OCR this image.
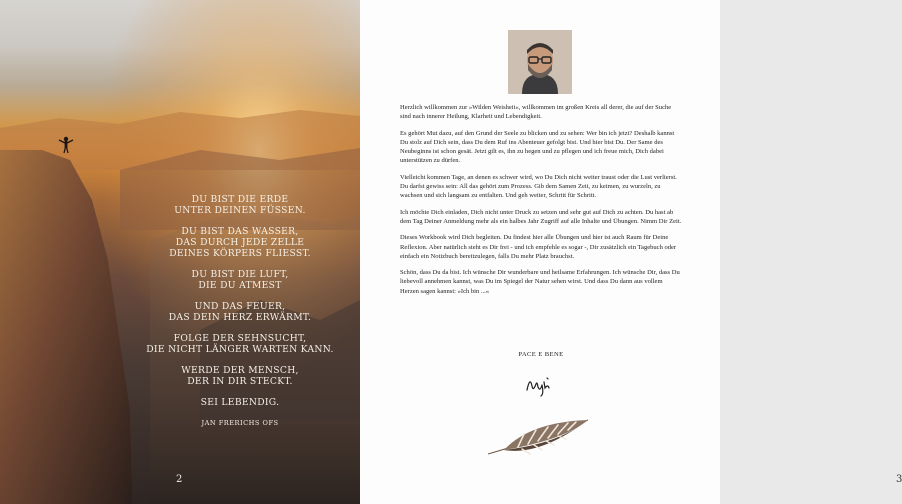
DU BIST DIE ERDE
UNTER DEINEN FÜSSEN.

DU BIST DAS WASSER,
DAS DURCH JEDE ZELLE
DEINES KÖRPERS FLIESST.

DU BIST DIE LUFT,
DIE DU ATMEST

UND DAS FEUER,
DAS DEIN HERZ ERWÄRMT.

FOLGE DER SEHNSUCHT,
DIE NICHT LÄNGER WARTEN KANN.

WERDE DER MENSCH,
DER IN DIR STECKT.

SEI LEBENDIG.

JAN FRERICHS OFS

2

Herzlich willkommen zur »Wilden Weisheit«, willkommen im großen Kreis all derer, die auf der Suche sind nach innerer Heilung, Klarheit und Lebendigkeit.

Es gehört Mut dazu, auf den Grund der Seele zu blicken und zu sehen: Wer bin ich jetzt? Deshalb kannst Du stolz auf Dich sein, dass Du dem Ruf ins Abenteuer gefolgt bist. Und hier bist Du. Der Same des Neubeginns ist schon gesät. Jetzt gilt es, ihn zu hegen und zu pflegen und ich freue mich, Dich dabei unterstützen zu dürfen.

Vielleicht kommen Tage, an denen es schwer wird, wo Du Dich nicht weiter traust oder die Lust verlierst. Du darfst gewiss sein: All das gehört zum Prozess. Gib dem Samen Zeit, zu keimen, zu wurzeln, zu wachsen und sich langsam zu entfalten. Und geh weiter, Schritt für Schritt.

Ich möchte Dich einladen, Dich nicht unter Druck zu setzen und sehr gut auf Dich zu achten. Du hast ab dem Tag Deiner Anmeldung mehr als ein halbes Jahr Zugriff auf alle Inhalte und Übungen. Nimm Dir Zeit.

Dieses Workbook wird Dich begleiten. Du findest hier alle Übungen und hier ist auch Raum für Deine Reflexion. Aber natürlich steht es Dir frei - und ich empfehle es sogar -, Dir zusätzlich ein Tagebuch oder einfach ein Notizbuch bereitzulegen, falls Du mehr Platz brauchst.

Schön, dass Du da bist. Ich wünsche Dir wunderbare und heilsame Erfahrungen. Ich wünsche Dir, dass Du liebevoll annehmen kannst, was Du im Spiegel der Natur sehen wirst. Und dass Du dann aus vollem Herzen sagen kannst: »Ich bin ...«

PACE E BENE
3
